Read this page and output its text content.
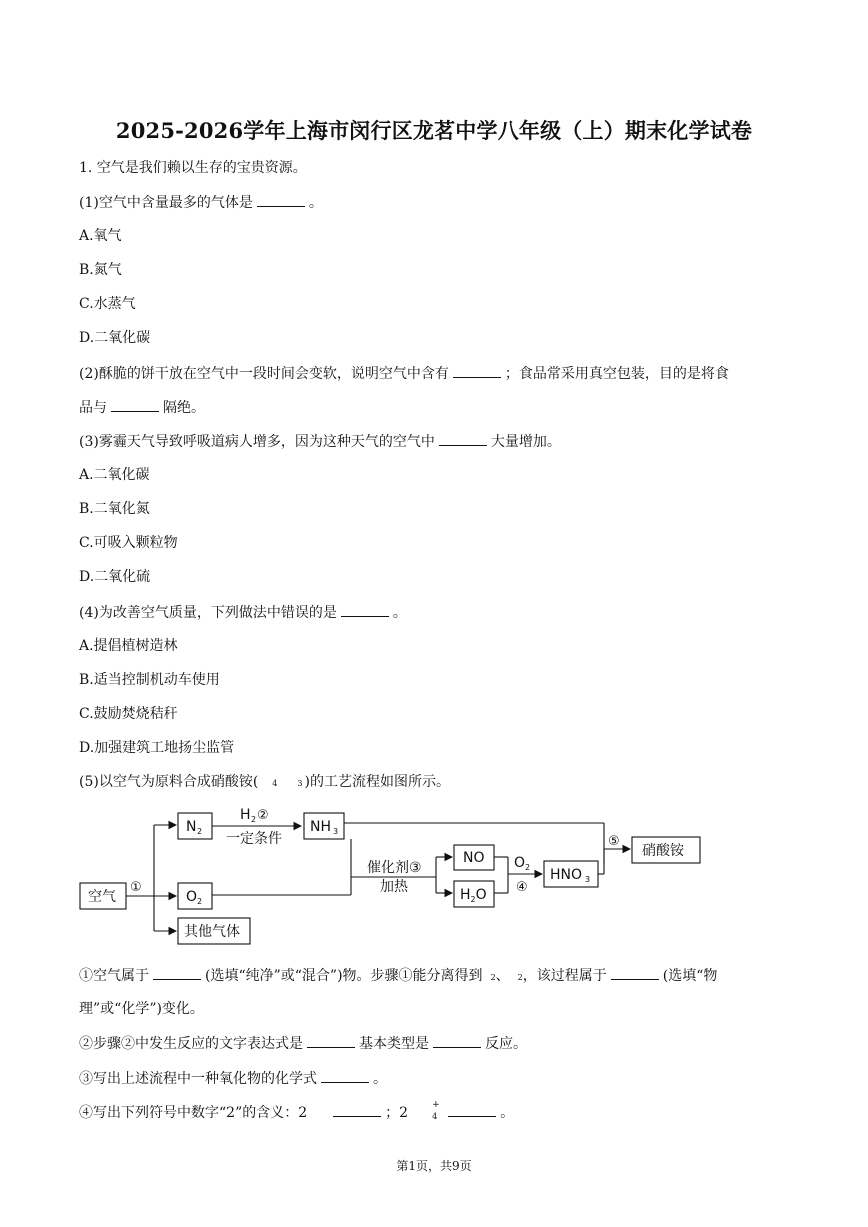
2025-2026学年上海市闵行区龙茗中学八年级（上）期末化学试卷
1. 空气是我们赖以生存的宝贵资源。
(1)空气中含量最多的气体是	。
A.氧气
B.氮气
C.水蒸气
D.二氧化碳
(2)酥脆的饼干放在空气中一段时间会变软，说明空气中含有	；食品常采用真空包装，目的是将食
品与	隔绝。
(3)雾霾天气导致呼吸道病人增多，因为这种天气的空气中	大量增加。
A.二氧化碳
B.二氧化氮
C.可吸入颗粒物
D.二氧化硫
(4)为改善空气质量，下列做法中错误的是	。
A.提倡植树造林
B.适当控制机动车使用
C.鼓励焚烧秸秆
D.加强建筑工地扬尘监管
(5)以空气为原料合成硝酸铵( 4	3 )的工艺流程如图所示。
空气
①
N 2
H 2 ②
一定条件
NH 3
O 2
其他气体
催化剂③
加热
NO
$H_2O$
O 2
④
HNO 3
⑤
硝酸铵
①空气属于	(选填“纯净”或“混合”)物。步骤①能分离得到 2、 2，该过程属于	(选填“物
理”或“化学”)变化。
②步骤②中发生反应的文字表达式是	基本类型是	反应。
③写出上述流程中一种氧化物的化学式	。
④写出下列符号中数字“2”的含义：2	；2	+
4	。
第1页，共9页
